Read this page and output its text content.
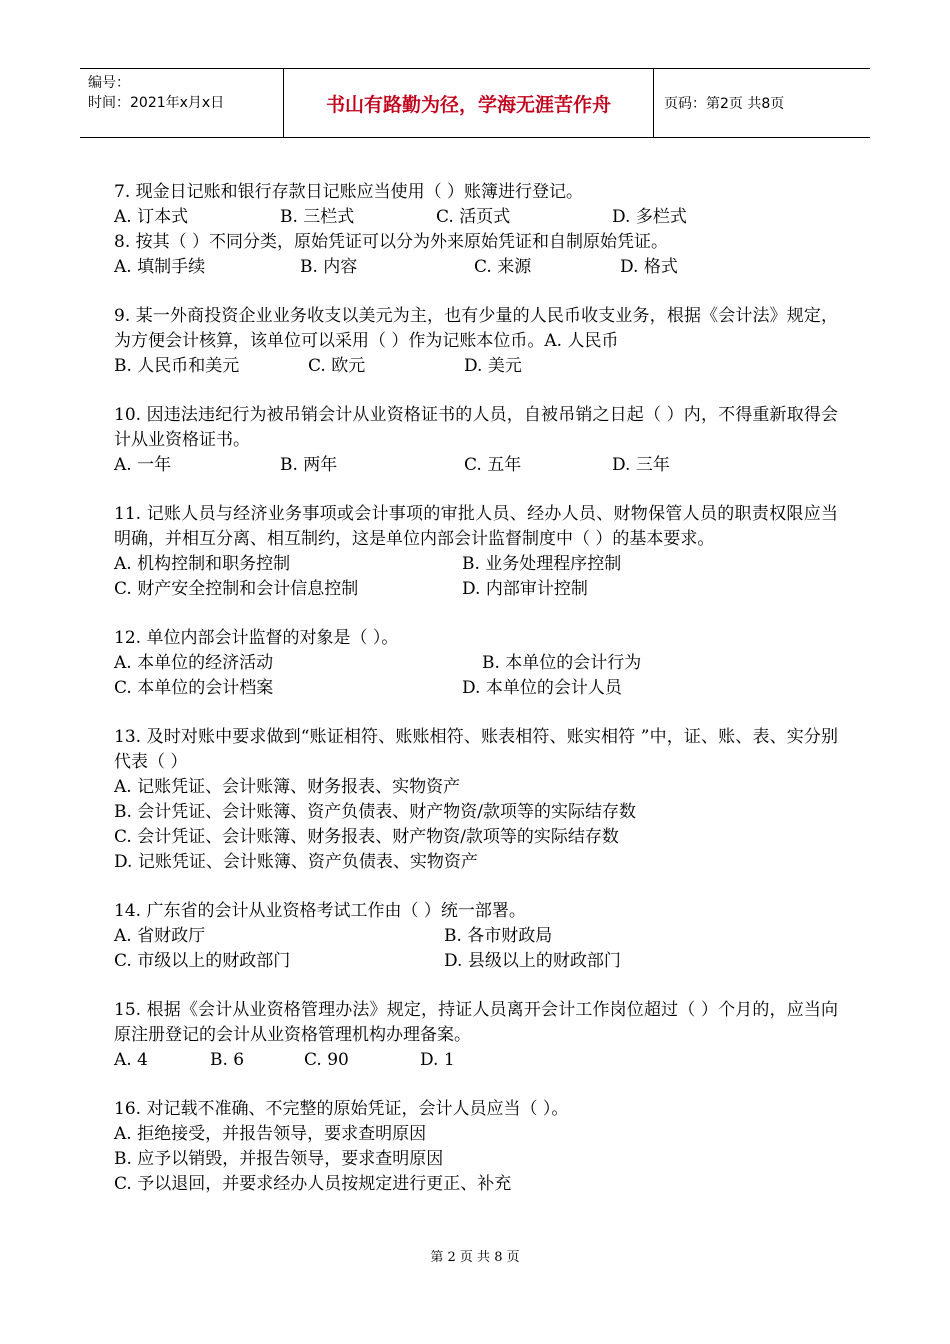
编号：
时间：2021年x月x日	书山有路勤为径，学海无涯苦作舟	页码：第2页 共8页

7. 现金日记账和银行存款日记账应当使用（ ）账簿进行登记。

A. 订本式	B. 三栏式	C. 活页式	D. 多栏式

8. 按其（ ）不同分类，原始凭证可以分为外来原始凭证和自制原始凭证。

A. 填制手续	B. 内容	C. 来源	D. 格式

9. 某一外商投资企业业务收支以美元为主，也有少量的人民币收支业务，根据《会计法》规定，为方便会计核算，该单位可以采用（ ）作为记账本位币。A. 人民币

B. 人民币和美元	C. 欧元	D. 美元

10. 因违法违纪行为被吊销会计从业资格证书的人员，自被吊销之日起（ ）内，不得重新取得会计从业资格证书。

A. 一年	B. 两年	C. 五年	D. 三年

11. 记账人员与经济业务事项或会计事项的审批人员、经办人员、财物保管人员的职责权限应当明确，并相互分离、相互制约，这是单位内部会计监督制度中（ ）的基本要求。

A. 机构控制和职务控制	B. 业务处理程序控制
C. 财产安全控制和会计信息控制	D. 内部审计控制

12. 单位内部会计监督的对象是（ ）。

A. 本单位的经济活动	B. 本单位的会计行为
C. 本单位的会计档案	D. 本单位的会计人员

13. 及时对账中要求做到“账证相符、账账相符、账表相符、账实相符 ”中，证、账、表、实分别代表（ ）

A. 记账凭证、会计账簿、财务报表、实物资产

B. 会计凭证、会计账簿、资产负债表、财产物资/款项等的实际结存数

C. 会计凭证、会计账簿、财务报表、财产物资/款项等的实际结存数

D. 记账凭证、会计账簿、资产负债表、实物资产

14. 广东省的会计从业资格考试工作由（ ）统一部署。

A. 省财政厅	B. 各市财政局
C. 市级以上的财政部门	D. 县级以上的财政部门

15. 根据《会计从业资格管理办法》规定，持证人员离开会计工作岗位超过（ ）个月的，应当向原注册登记的会计从业资格管理机构办理备案。

A. 4	B. 6	C. 90	D. 1

16. 对记载不准确、不完整的原始凭证，会计人员应当（ ）。

A. 拒绝接受，并报告领导，要求查明原因

B. 应予以销毁，并报告领导，要求查明原因

C. 予以退回，并要求经办人员按规定进行更正、补充

第 2 页 共 8 页
